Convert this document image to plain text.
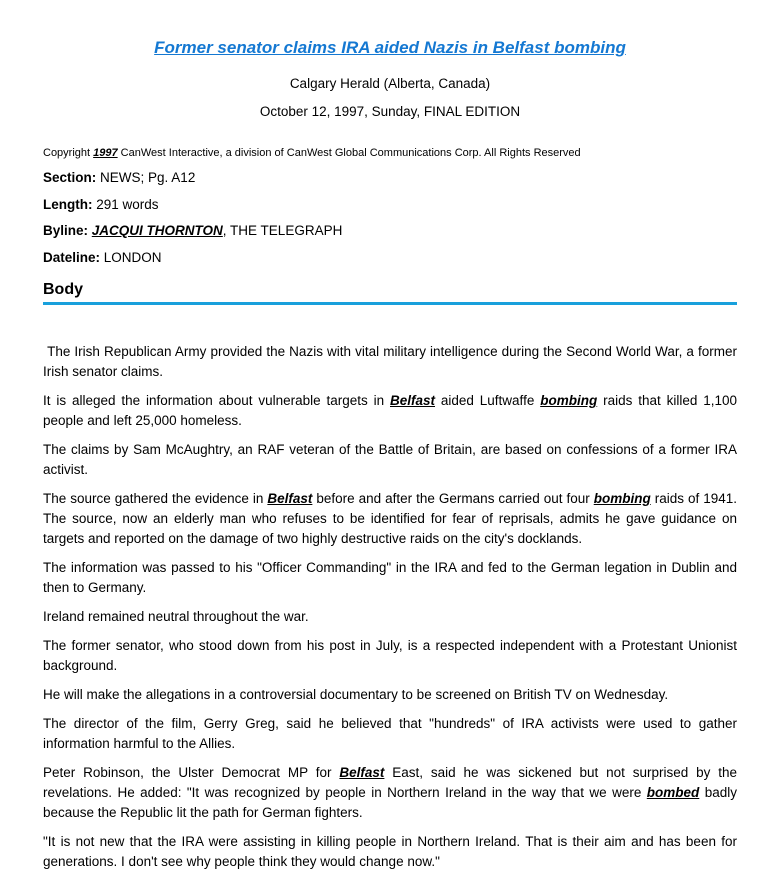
Former senator claims IRA aided Nazis in Belfast bombing
Calgary Herald (Alberta, Canada)
October 12, 1997, Sunday, FINAL EDITION

Copyright 1997 CanWest Interactive, a division of CanWest Global Communications Corp. All Rights Reserved

Section: NEWS; Pg. A12

Length: 291 words

Byline: JACQUI THORNTON, THE TELEGRAPH

Dateline: LONDON

Body

The Irish Republican Army provided the Nazis with vital military intelligence during the Second World War, a former Irish senator claims.

It is alleged the information about vulnerable targets in Belfast aided Luftwaffe bombing raids that killed 1,100 people and left 25,000 homeless.

The claims by Sam McAughtry, an RAF veteran of the Battle of Britain, are based on confessions of a former IRA activist.

The source gathered the evidence in Belfast before and after the Germans carried out four bombing raids of 1941. The source, now an elderly man who refuses to be identified for fear of reprisals, admits he gave guidance on targets and reported on the damage of two highly destructive raids on the city's docklands.

The information was passed to his "Officer Commanding" in the IRA and fed to the German legation in Dublin and then to Germany.

Ireland remained neutral throughout the war.

The former senator, who stood down from his post in July, is a respected independent with a Protestant Unionist background.

He will make the allegations in a controversial documentary to be screened on British TV on Wednesday.

The director of the film, Gerry Greg, said he believed that "hundreds" of IRA activists were used to gather information harmful to the Allies.

Peter Robinson, the Ulster Democrat MP for Belfast East, said he was sickened but not surprised by the revelations. He added: "It was recognized by people in Northern Ireland in the way that we were bombed badly because the Republic lit the path for German fighters.

"It is not new that the IRA were assisting in killing people in Northern Ireland. That is their aim and has been for generations. I don't see why people think they would change now."
